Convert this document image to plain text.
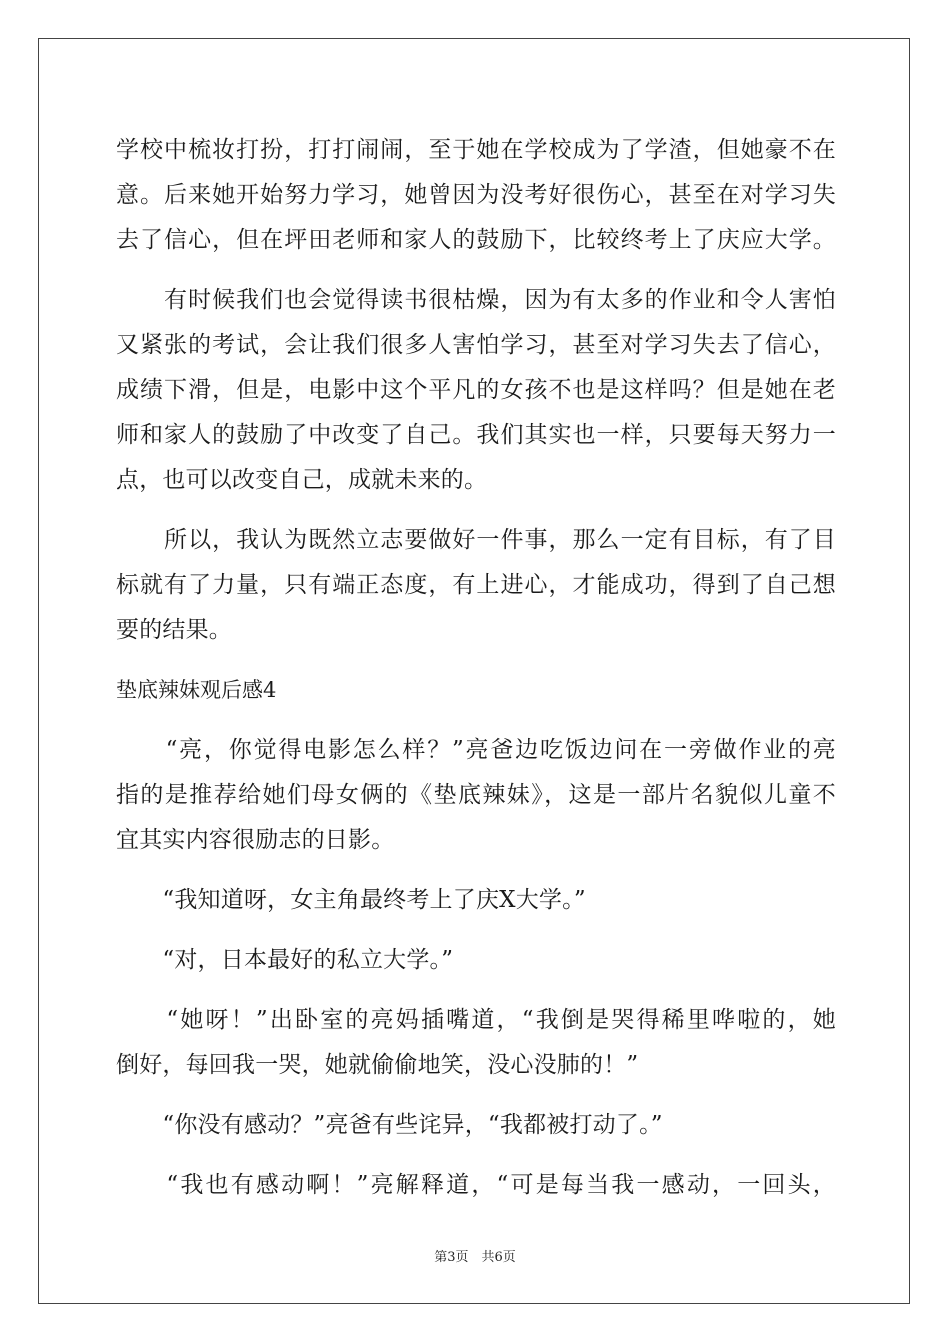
学校中梳妆打扮，打打闹闹，至于她在学校成为了学渣，但她豪不在
意。后来她开始努力学习，她曾因为没考好很伤心，甚至在对学习失
去了信心，但在坪田老师和家人的鼓励下，比较终考上了庆应大学。
　　有时候我们也会觉得读书很枯燥，因为有太多的作业和令人害怕
又紧张的考试，会让我们很多人害怕学习，甚至对学习失去了信心，
成绩下滑，但是，电影中这个平凡的女孩不也是这样吗？但是她在老
师和家人的鼓励了中改变了自己。我们其实也一样，只要每天努力一
点，也可以改变自己，成就未来的。
　　所以，我认为既然立志要做好一件事，那么一定有目标，有了目
标就有了力量，只有端正态度，有上进心，才能成功，得到了自己想
要的结果。
垫底辣妹观后感4
　　“亮，你觉得电影怎么样？”亮爸边吃饭边问在一旁做作业的亮
指的是推荐给她们母女俩的《垫底辣妹》，这是一部片名貌似儿童不
宜其实内容很励志的日影。
　　“我知道呀，女主角最终考上了庆X大学。”
　　“对，日本最好的私立大学。”
　　“她呀！”出卧室的亮妈插嘴道，“我倒是哭得稀里哗啦的，她
倒好，每回我一哭，她就偷偷地笑，没心没肺的！”
　　“你没有感动？”亮爸有些诧异，“我都被打动了。”
　　“我也有感动啊！”亮解释道，“可是每当我一感动，一回头，
第3页　共6页
